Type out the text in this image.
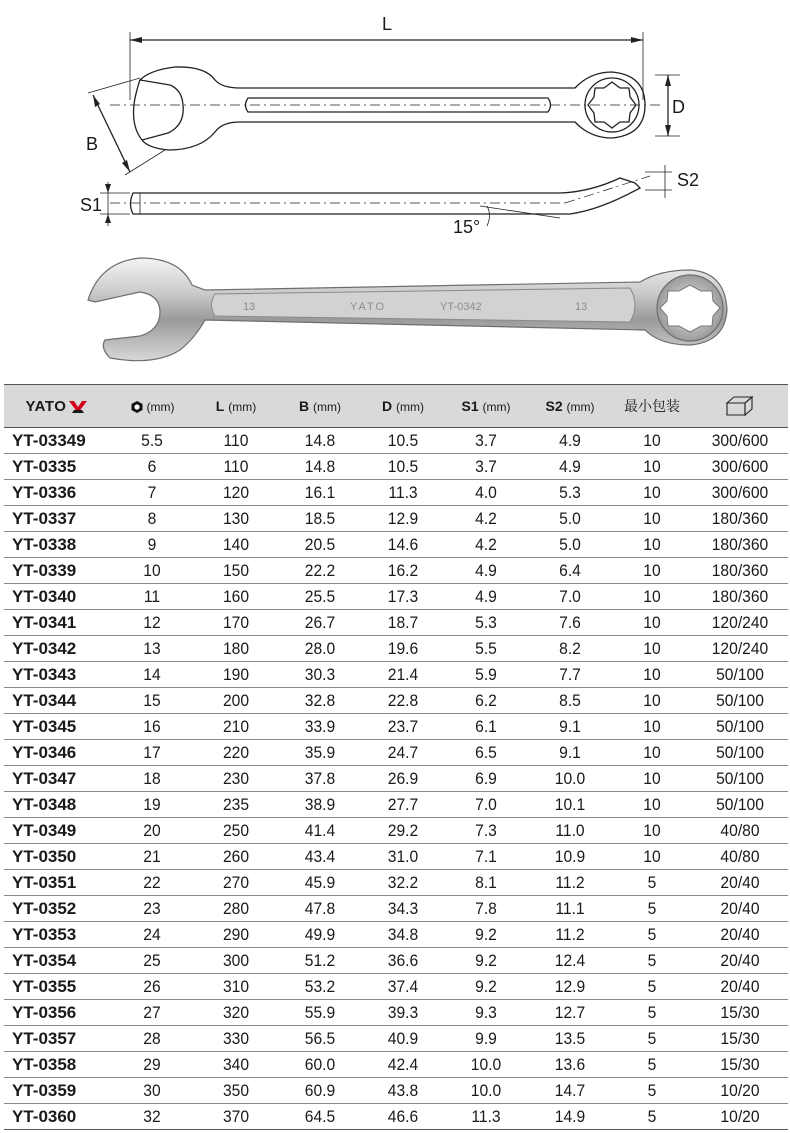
L
B
D
S1
S2
15°
13	YATO	YT-0342	13
YATO	(mm)	L (mm)	B (mm)	D (mm)	S1 (mm)	S2 (mm)	最小包装	
YT-03349	5.5	110	14.8	10.5	3.7	4.9	10	300/600
YT-0335	6	110	14.8	10.5	3.7	4.9	10	300/600
YT-0336	7	120	16.1	11.3	4.0	5.3	10	300/600
YT-0337	8	130	18.5	12.9	4.2	5.0	10	180/360
YT-0338	9	140	20.5	14.6	4.2	5.0	10	180/360
YT-0339	10	150	22.2	16.2	4.9	6.4	10	180/360
YT-0340	11	160	25.5	17.3	4.9	7.0	10	180/360
YT-0341	12	170	26.7	18.7	5.3	7.6	10	120/240
YT-0342	13	180	28.0	19.6	5.5	8.2	10	120/240
YT-0343	14	190	30.3	21.4	5.9	7.7	10	50/100
YT-0344	15	200	32.8	22.8	6.2	8.5	10	50/100
YT-0345	16	210	33.9	23.7	6.1	9.1	10	50/100
YT-0346	17	220	35.9	24.7	6.5	9.1	10	50/100
YT-0347	18	230	37.8	26.9	6.9	10.0	10	50/100
YT-0348	19	235	38.9	27.7	7.0	10.1	10	50/100
YT-0349	20	250	41.4	29.2	7.3	11.0	10	40/80
YT-0350	21	260	43.4	31.0	7.1	10.9	10	40/80
YT-0351	22	270	45.9	32.2	8.1	11.2	5	20/40
YT-0352	23	280	47.8	34.3	7.8	11.1	5	20/40
YT-0353	24	290	49.9	34.8	9.2	11.2	5	20/40
YT-0354	25	300	51.2	36.6	9.2	12.4	5	20/40
YT-0355	26	310	53.2	37.4	9.2	12.9	5	20/40
YT-0356	27	320	55.9	39.3	9.3	12.7	5	15/30
YT-0357	28	330	56.5	40.9	9.9	13.5	5	15/30
YT-0358	29	340	60.0	42.4	10.0	13.6	5	15/30
YT-0359	30	350	60.9	43.8	10.0	14.7	5	10/20
YT-0360	32	370	64.5	46.6	11.3	14.9	5	10/20
